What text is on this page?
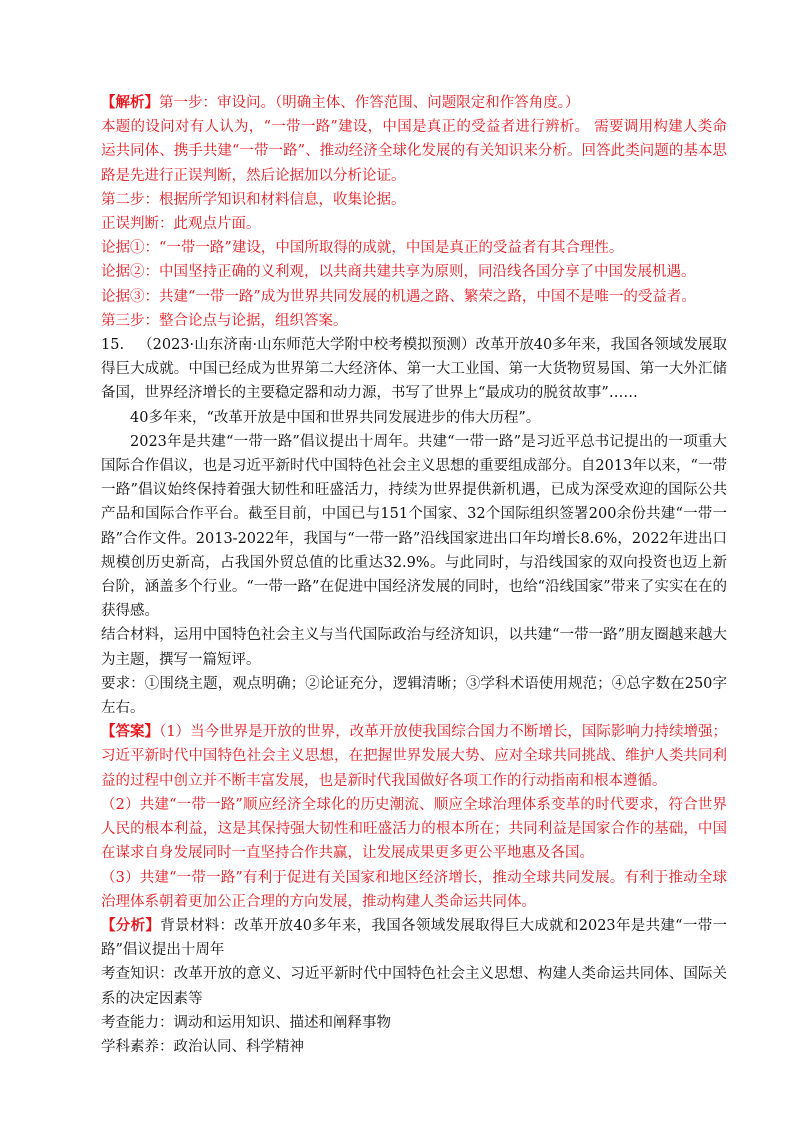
【解析】第一步：审设问。（明确主体、作答范围、问题限定和作答角度。）

本题的设问对有人认为，“一带一路”建设，中国是真正的受益者进行辨析。 需要调用构建人类命运共同体、携手共建“一带一路”、推动经济全球化发展的有关知识来分析。回答此类问题的基本思路是先进行正误判断，然后论据加以分析论证。

第二步：根据所学知识和材料信息，收集论据。

正误判断：此观点片面。

论据①：“一带一路”建设，中国所取得的成就，中国是真正的受益者有其合理性。

论据②：中国坚持正确的义利观，以共商共建共享为原则，同沿线各国分享了中国发展机遇。

论据③：共建“一带一路”成为世界共同发展的机遇之路、繁荣之路，中国不是唯一的受益者。

第三步：整合论点与论据，组织答案。

15. （2023·山东济南·山东师范大学附中校考模拟预测）改革开放40多年来，我国各领域发展取得巨大成就。中国已经成为世界第二大经济体、第一大工业国、第一大货物贸易国、第一大外汇储备国，世界经济增长的主要稳定器和动力源，书写了世界上“最成功的脱贫故事”……

40多年来，“改革开放是中国和世界共同发展进步的伟大历程”。

2023年是共建“一带一路”倡议提出十周年。共建“一带一路”是习近平总书记提出的一项重大国际合作倡议，也是习近平新时代中国特色社会主义思想的重要组成部分。自2013年以来，“一带一路”倡议始终保持着强大韧性和旺盛活力，持续为世界提供新机遇，已成为深受欢迎的国际公共产品和国际合作平台。截至目前，中国已与151个国家、32个国际组织签署200余份共建“一带一路”合作文件。2013-2022年，我国与“一带一路”沿线国家进出口年均增长8.6%，2022年进出口规模创历史新高，占我国外贸总值的比重达32.9%。与此同时，与沿线国家的双向投资也迈上新台阶，涵盖多个行业。“一带一路”在促进中国经济发展的同时，也给“沿线国家”带来了实实在在的获得感。

结合材料，运用中国特色社会主义与当代国际政治与经济知识，以共建“一带一路”朋友圈越来越大为主题，撰写一篇短评。

要求：①围绕主题，观点明确；②论证充分，逻辑清晰；③学科术语使用规范；④总字数在250字左右。

【答案】（1）当今世界是开放的世界，改革开放使我国综合国力不断增长，国际影响力持续增强；习近平新时代中国特色社会主义思想，在把握世界发展大势、应对全球共同挑战、维护人类共同利益的过程中创立并不断丰富发展，也是新时代我国做好各项工作的行动指南和根本遵循。

（2）共建“一带一路”顺应经济全球化的历史潮流、顺应全球治理体系变革的时代要求，符合世界人民的根本利益，这是其保持强大韧性和旺盛活力的根本所在；共同利益是国家合作的基础，中国在谋求自身发展同时一直坚持合作共赢，让发展成果更多更公平地惠及各国。

（3）共建“一带一路”有利于促进有关国家和地区经济增长，推动全球共同发展。有利于推动全球治理体系朝着更加公正合理的方向发展，推动构建人类命运共同体。

【分析】背景材料：改革开放40多年来，我国各领域发展取得巨大成就和2023年是共建“一带一路”倡议提出十周年

考查知识：改革开放的意义、习近平新时代中国特色社会主义思想、构建人类命运共同体、国际关系的决定因素等

考查能力：调动和运用知识、描述和阐释事物

学科素养：政治认同、科学精神
